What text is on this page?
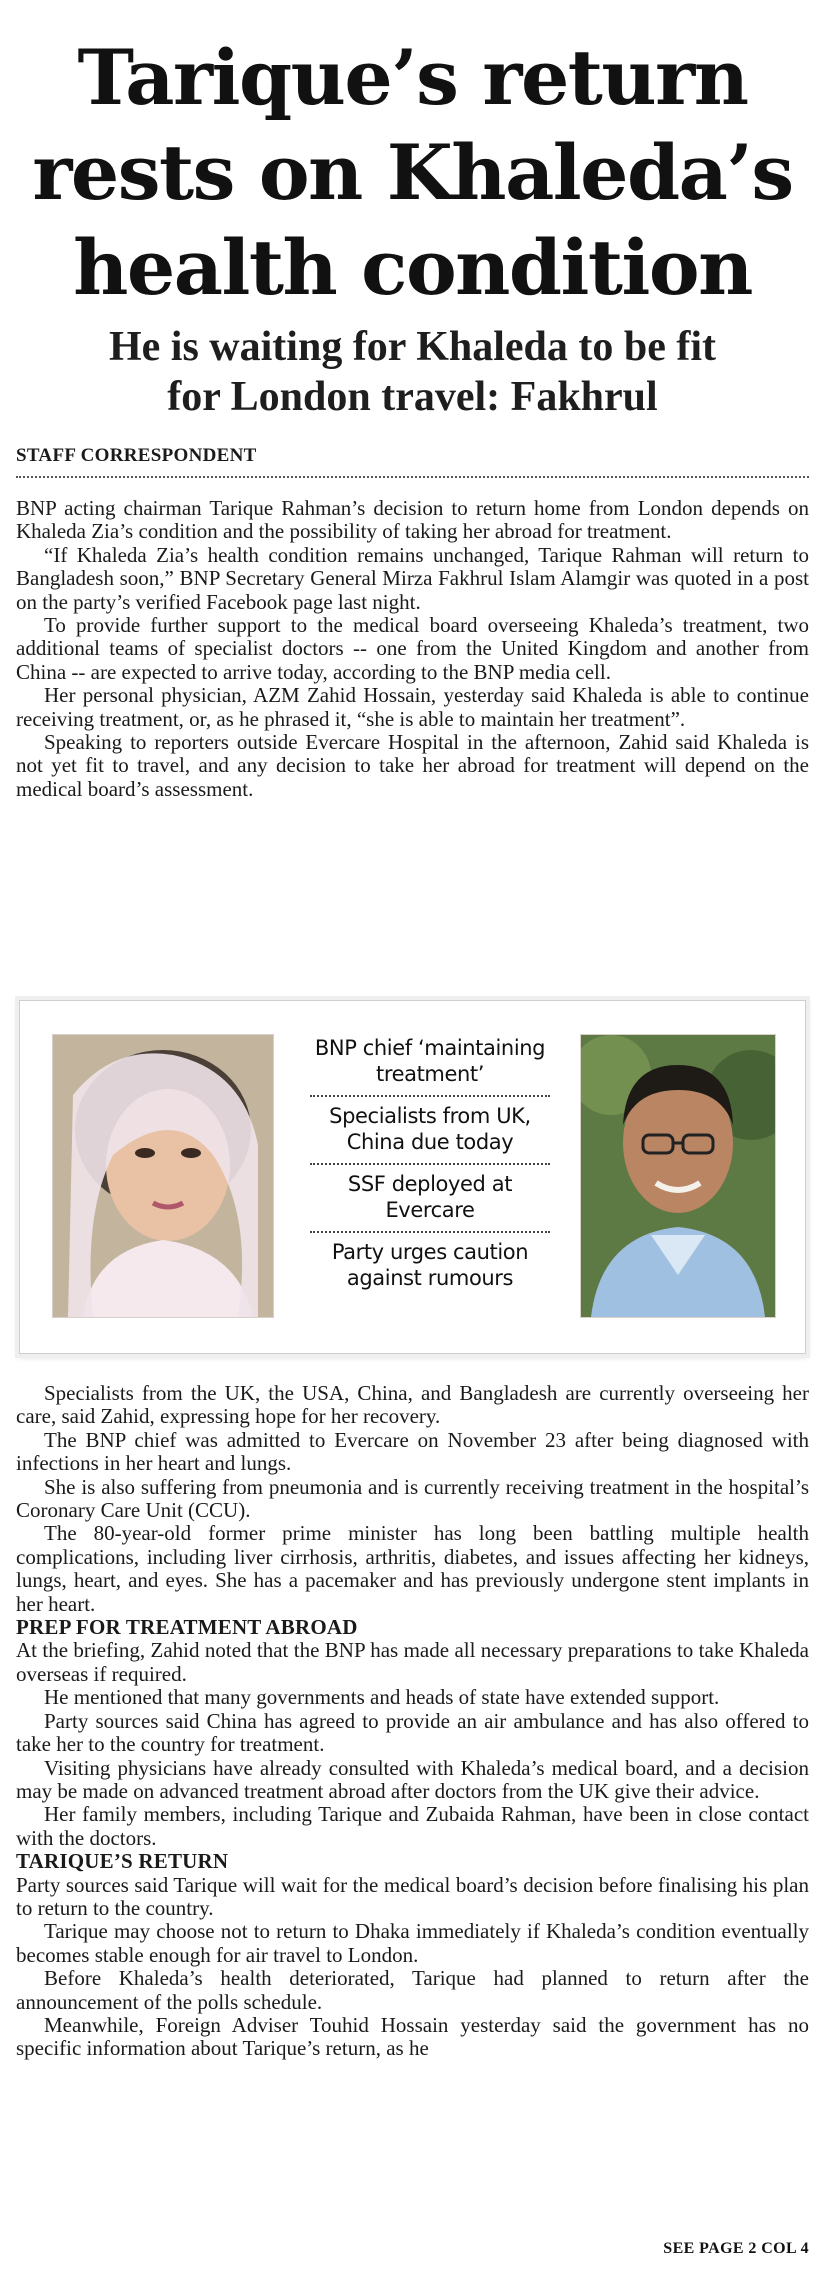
Tarique’s return
rests on Khaleda’s
health condition
He is waiting for Khaleda to be fit
for London travel: Fakhrul
STAFF CORRESPONDENT

BNP acting chairman Tarique Rahman’s decision to return home from London depends on Khaleda Zia’s condition and the possibility of taking her abroad for treatment.

“If Khaleda Zia’s health condition remains unchanged, Tarique Rahman will return to Bangladesh soon,” BNP Secretary General Mirza Fakhrul Islam Alamgir was quoted in a post on the party’s verified Facebook page last night.

To provide further support to the medical board overseeing Khaleda’s treatment, two additional teams of specialist doctors -- one from the United Kingdom and another from China -- are expected to arrive today, according to the BNP media cell.

Her personal physician, AZM Zahid Hossain, yesterday said Khaleda is able to continue receiving treatment, or, as he phrased it, “she is able to maintain her treatment”.

Speaking to reporters outside Evercare Hospital in the afternoon, Zahid said Khaleda is not yet fit to travel, and any decision to take her abroad for treatment will depend on the medical board’s assessment.

BNP chief ‘maintaining treatment’
Specialists from UK, China due today
SSF deployed at Evercare
Party urges caution against rumours

Specialists from the UK, the USA, China, and Bangladesh are currently overseeing her care, said Zahid, expressing hope for her recovery.

The BNP chief was admitted to Evercare on November 23 after being diagnosed with infections in her heart and lungs.

She is also suffering from pneumonia and is currently receiving treatment in the hospital’s Coronary Care Unit (CCU).

The 80-year-old former prime minister has long been battling multiple health complications, including liver cirrhosis, arthritis, diabetes, and issues affecting her kidneys, lungs, heart, and eyes. She has a pacemaker and has previously undergone stent implants in her heart.

PREP FOR TREATMENT ABROAD

At the briefing, Zahid noted that the BNP has made all necessary preparations to take Khaleda overseas if required.

He mentioned that many governments and heads of state have extended support.

Party sources said China has agreed to provide an air ambulance and has also offered to take her to the country for treatment.

Visiting physicians have already consulted with Khaleda’s medical board, and a decision may be made on advanced treatment abroad after doctors from the UK give their advice.

Her family members, including Tarique and Zubaida Rahman, have been in close contact with the doctors.

TARIQUE’S RETURN

Party sources said Tarique will wait for the medical board’s decision before finalising his plan to return to the country.

Tarique may choose not to return to Dhaka immediately if Khaleda’s condition eventually becomes stable enough for air travel to London.

Before Khaleda’s health deteriorated, Tarique had planned to return after the announcement of the polls schedule.

Meanwhile, Foreign Adviser Touhid Hossain yesterday said the government has no specific information about Tarique’s return, as he

SEE PAGE 2 COL 4
